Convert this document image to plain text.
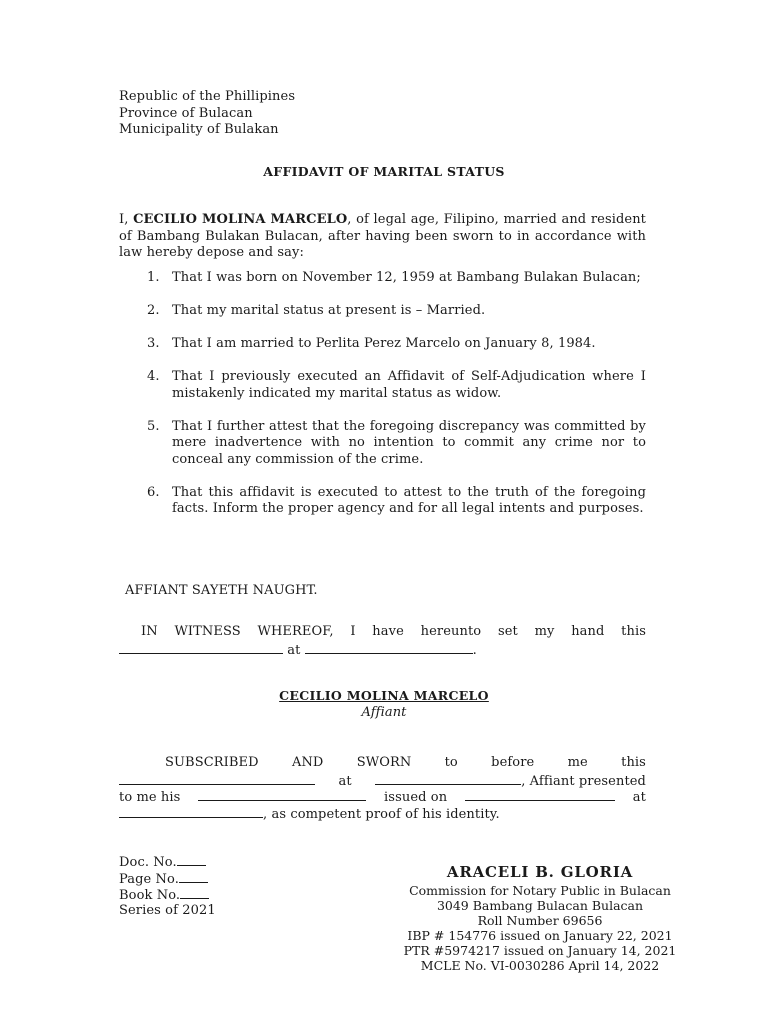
Republic of the Phillipines
Province of Bulacan
Municipality of Bulakan
AFFIDAVIT OF MARITAL STATUS
I, CECILIO MOLINA MARCELO, of legal age, Filipino, married and resident of Bambang Bulakan Bulacan, after having been sworn to in accordance with law hereby depose and say:
1. That I was born on November 12, 1959 at Bambang Bulakan Bulacan;
2. That my marital status at present is – Married.
3. That I am married to Perlita Perez Marcelo on January 8, 1984.
4. That I previously executed an Affidavit of Self-Adjudication where I mistakenly indicated my marital status as widow.
5. That I further attest that the foregoing discrepancy was committed by mere inadvertence with no intention to commit any crime nor to conceal any commission of the crime.
6. That this affidavit is executed to attest to the truth of the foregoing facts. Inform the proper agency and for all legal intents and purposes.
AFFIANT SAYETH NAUGHT.
IN WITNESS WHEREOF, I have hereunto set my hand this
at	.
CECILIO MOLINA MARCELO
Affiant
SUBSCRIBED	AND	SWORN	to	before	me	this
at	, Affiant presented
to me his	issued on	at
, as competent proof of his identity.
Doc. No.
Page No.
Book No.
Series of 2021
ARACELI B. GLORIA
Commission for Notary Public in Bulacan
3049 Bambang Bulacan Bulacan
Roll Number 69656
IBP # 154776 issued on January 22, 2021
PTR #5974217 issued on January 14, 2021
MCLE No. VI-0030286 April 14, 2022
